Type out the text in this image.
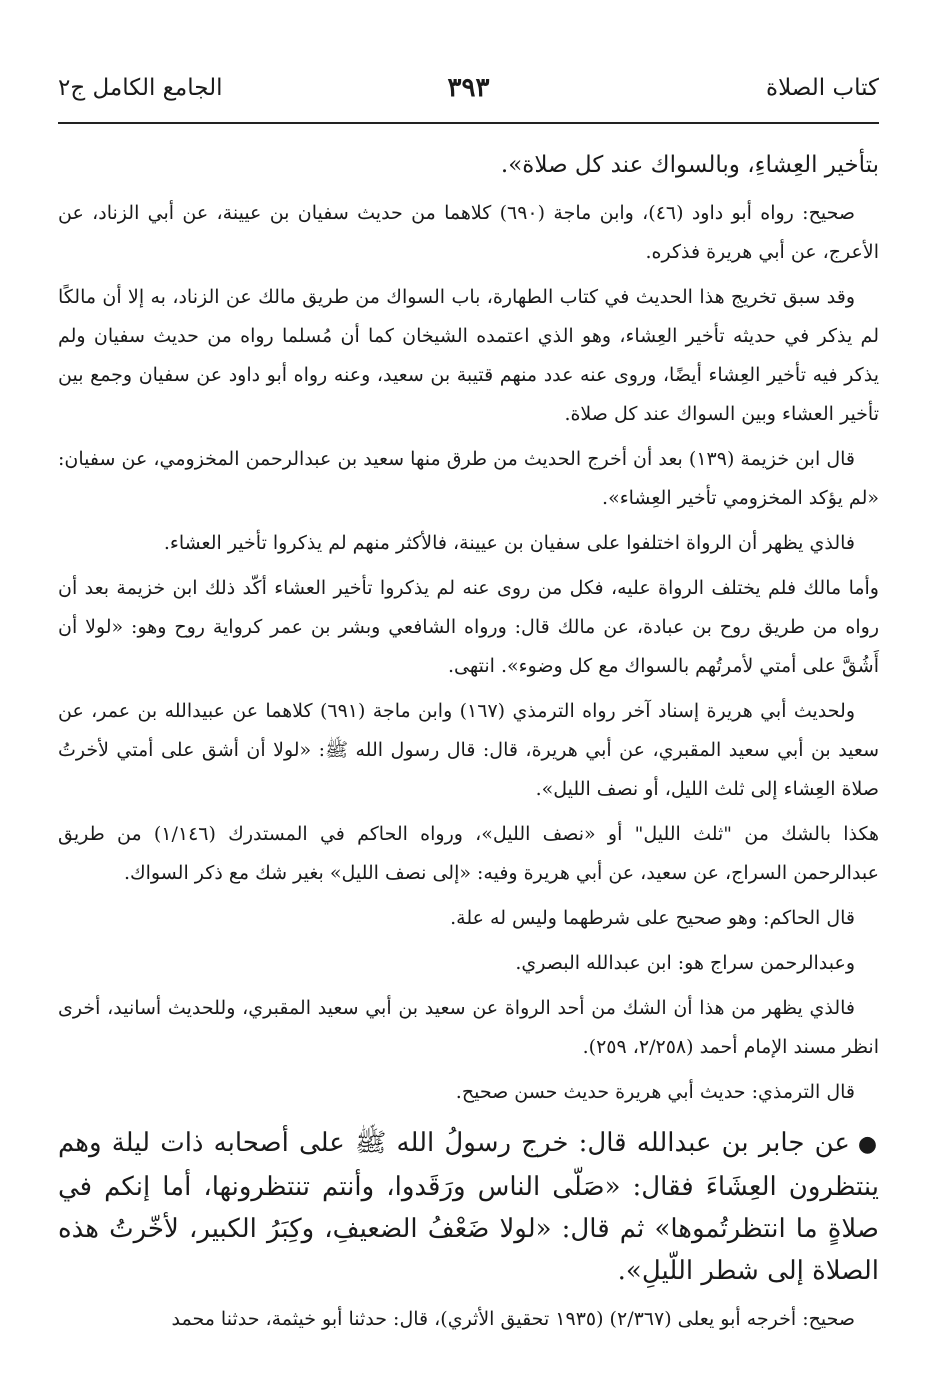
كتاب الصلاة
٣٩٣
الجامع الكامل ج٢

بتأخير العِشاءِ، وبالسواك عند كل صلاة».

صحيح: رواه أبو داود (٤٦)، وابن ماجة (٦٩٠) كلاهما من حديث سفيان بن عيينة، عن أبي الزناد، عن الأعرج، عن أبي هريرة فذكره.

وقد سبق تخريج هذا الحديث في كتاب الطهارة، باب السواك من طريق مالك عن الزناد، به إلا أن مالكًا لم يذكر في حديثه تأخير العِشاء، وهو الذي اعتمده الشيخان كما أن مُسلما رواه من حديث سفيان ولم يذكر فيه تأخير العِشاء أيضًا، وروى عنه عدد منهم قتيبة بن سعيد، وعنه رواه أبو داود عن سفيان وجمع بين تأخير العشاء وبين السواك عند كل صلاة.

قال ابن خزيمة (١٣٩) بعد أن أخرج الحديث من طرق منها سعيد بن عبدالرحمن المخزومي، عن سفيان: «لم يؤكد المخزومي تأخير العِشاء».

فالذي يظهر أن الرواة اختلفوا على سفيان بن عيينة، فالأكثر منهم لم يذكروا تأخير العشاء.

وأما مالك فلم يختلف الرواة عليه، فكل من روى عنه لم يذكروا تأخير العشاء أكّد ذلك ابن خزيمة بعد أن رواه من طريق روح بن عبادة، عن مالك قال: ورواه الشافعي وبشر بن عمر كرواية روح وهو: «لولا أن أَشُقَّ على أمتي لأمرتُهم بالسواك مع كل وضوء». انتهى.

ولحديث أبي هريرة إسناد آخر رواه الترمذي (١٦٧) وابن ماجة (٦٩١) كلاهما عن عبيدالله بن عمر، عن سعيد بن أبي سعيد المقبري، عن أبي هريرة، قال: قال رسول الله ﷺ: «لولا أن أشق على أمتي لأخرتُ صلاة العِشاء إلى ثلث الليل، أو نصف الليل».

هكذا بالشك من "ثلث الليل" أو «نصف الليل»، ورواه الحاكم في المستدرك (١/١٤٦) من طريق عبدالرحمن السراج، عن سعيد، عن أبي هريرة وفيه: «إلى نصف الليل» بغير شك مع ذكر السواك.

قال الحاكم: وهو صحيح على شرطهما وليس له علة.

وعبدالرحمن سراج هو: ابن عبدالله البصري.

فالذي يظهر من هذا أن الشك من أحد الرواة عن سعيد بن أبي سعيد المقبري، وللحديث أسانيد، أخرى انظر مسند الإمام أحمد (٢/٢٥٨، ٢٥٩).

قال الترمذي: حديث أبي هريرة حديث حسن صحيح.

●عن جابر بن عبدالله قال: خرج رسولُ الله ﷺ على أصحابه ذات ليلة وهم ينتظرون العِشَاءَ فقال: «صَلّى الناس ورَقَدوا، وأنتم تنتظرونها، أما إنكم في صلاةٍ ما انتظرتُموها» ثم قال: «لولا ضَعْفُ الضعيفِ، وكِبَرُ الكبير، لأخّرتُ هذه الصلاة إلى شطر اللّيلِ».

صحيح: أخرجه أبو يعلى (٢/٣٦٧) (١٩٣٥ تحقيق الأثري)، قال: حدثنا أبو خيثمة، حدثنا محمد
